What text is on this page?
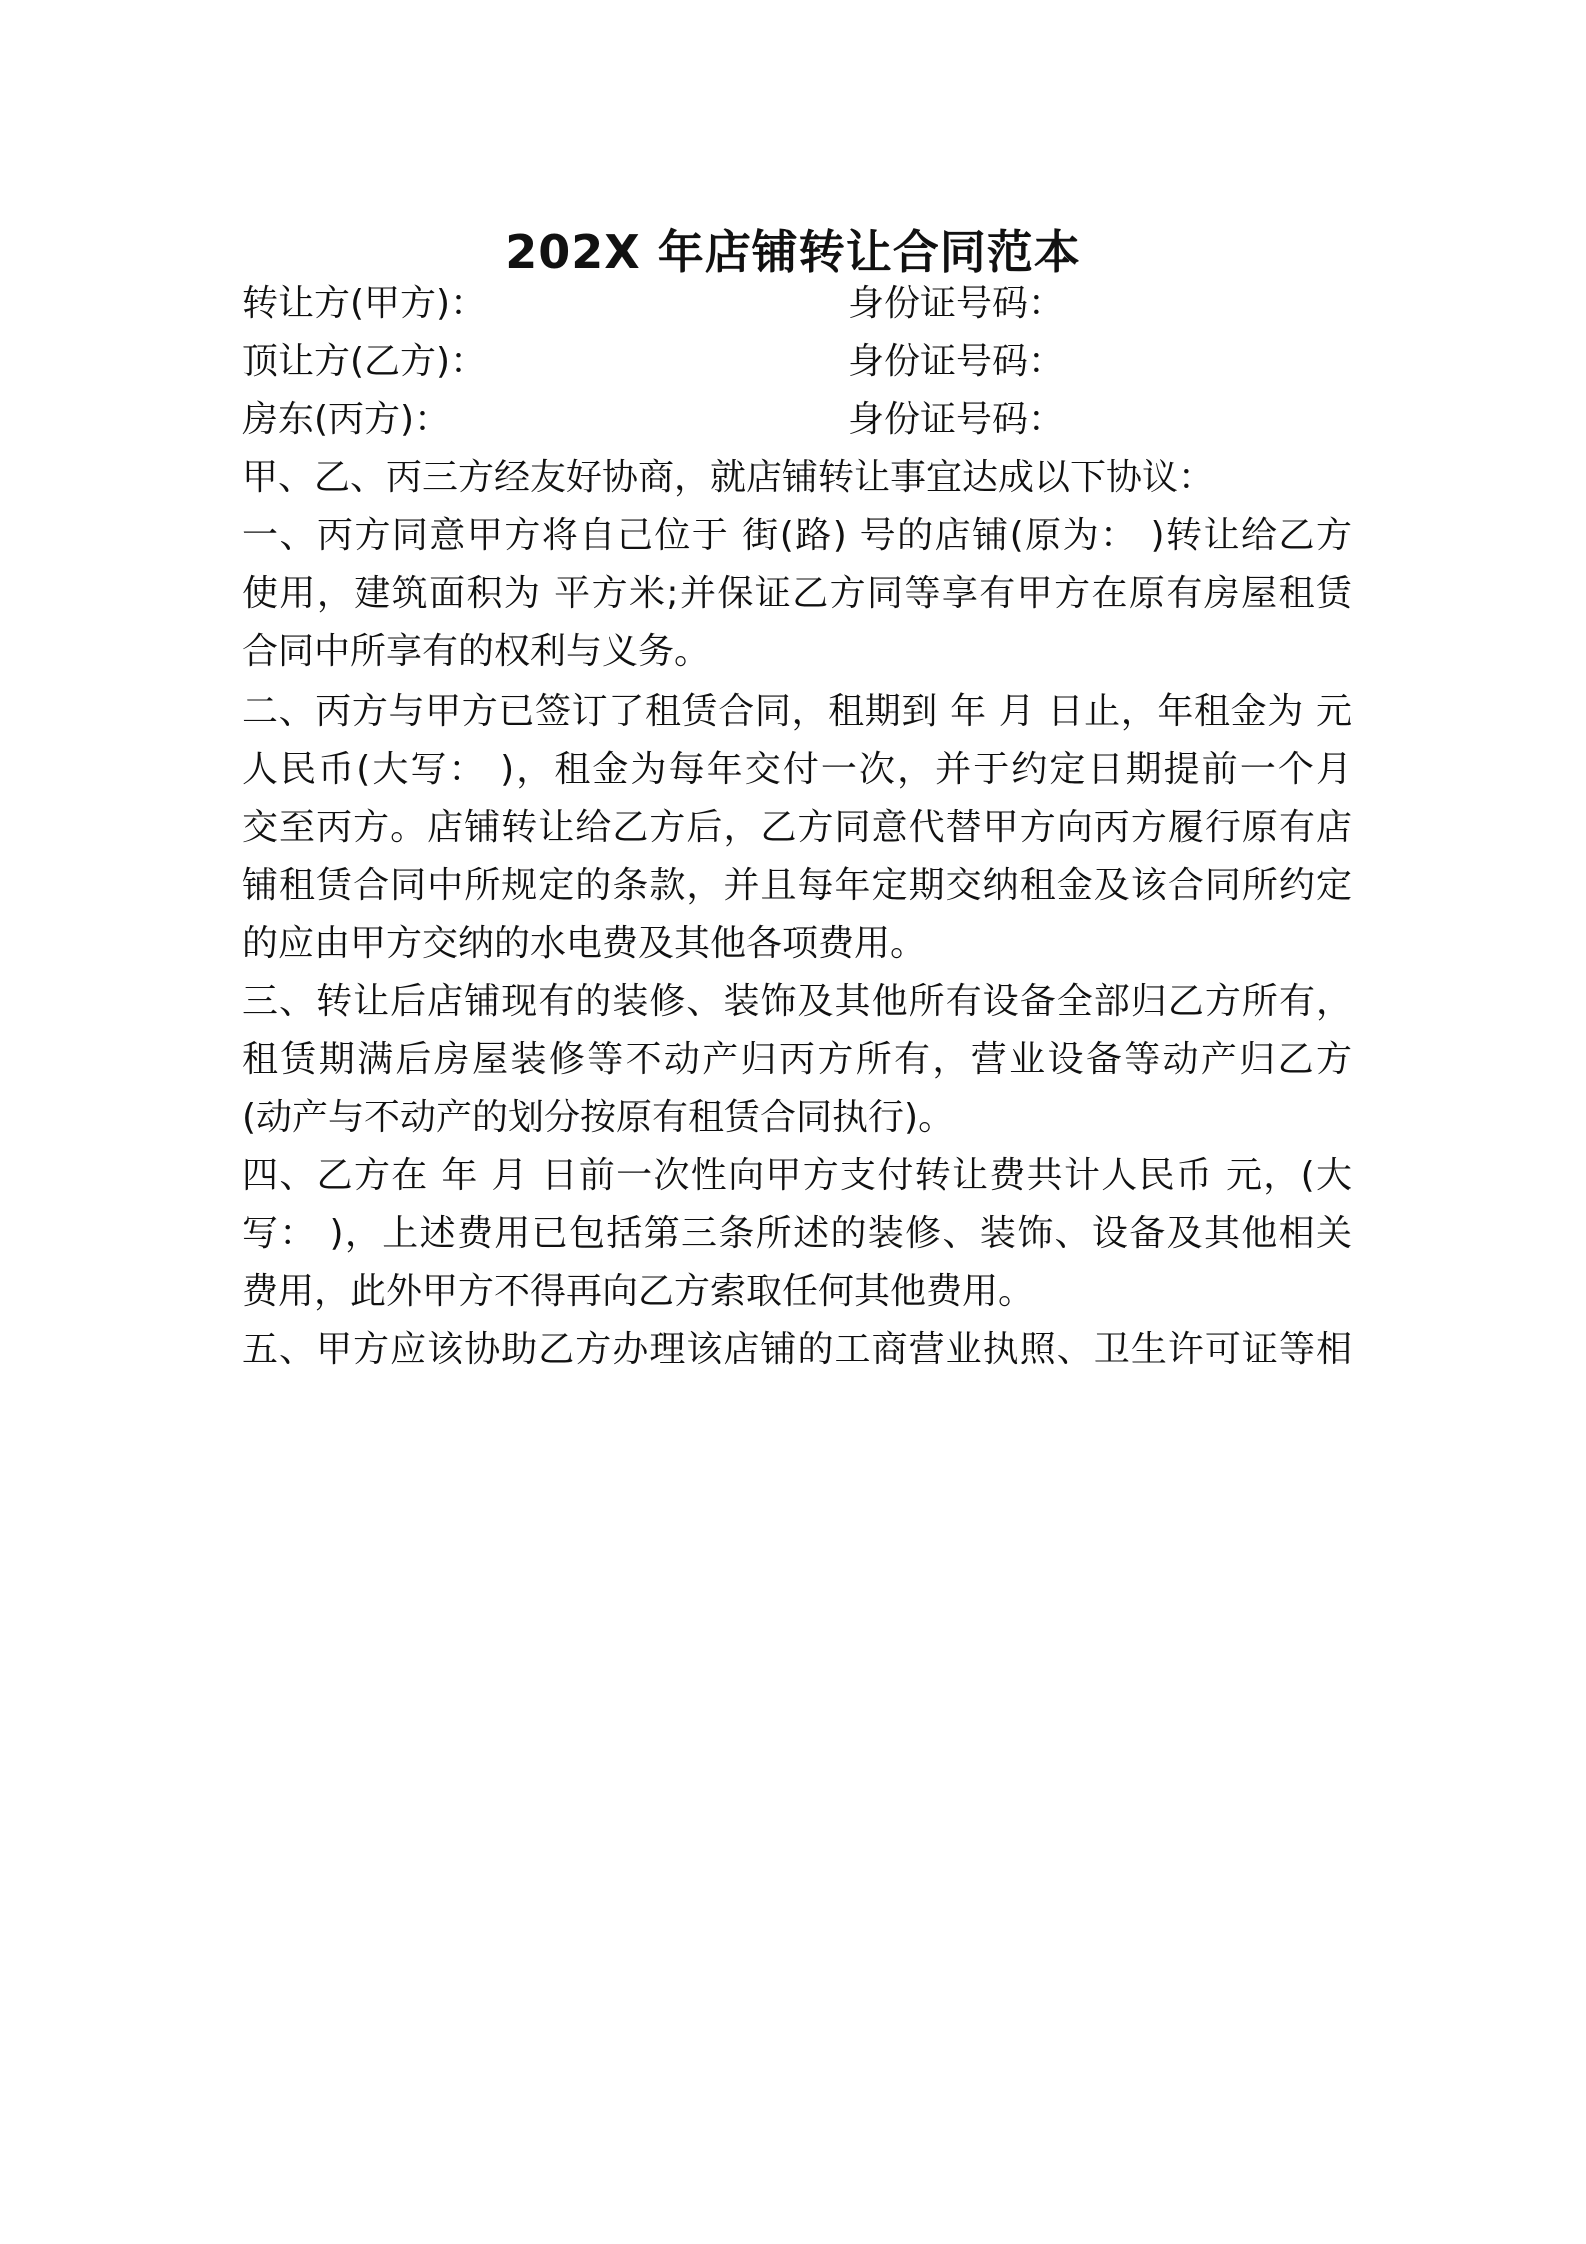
202X 年店铺转让合同范本
转让方(甲方)：	身份证号码：
顶让方(乙方)：	身份证号码：
房东(丙方)：	身份证号码：
甲、乙、丙三方经友好协商，就店铺转让事宜达成以下协议：
一、丙方同意甲方将自己位于 街(路) 号的店铺(原为： )转让给乙方
使用，建筑面积为 平方米;并保证乙方同等享有甲方在原有房屋租赁
合同中所享有的权利与义务。
二、丙方与甲方已签订了租赁合同，租期到 年 月 日止，年租金为 元
人民币(大写： )，租金为每年交付一次，并于约定日期提前一个月
交至丙方。店铺转让给乙方后，乙方同意代替甲方向丙方履行原有店
铺租赁合同中所规定的条款，并且每年定期交纳租金及该合同所约定
的应由甲方交纳的水电费及其他各项费用。
三、转让后店铺现有的装修、装饰及其他所有设备全部归乙方所有，
租赁期满后房屋装修等不动产归丙方所有，营业设备等动产归乙方
(动产与不动产的划分按原有租赁合同执行)。
四、乙方在 年 月 日前一次性向甲方支付转让费共计人民币 元，(大
写： )，上述费用已包括第三条所述的装修、装饰、设备及其他相关
费用，此外甲方不得再向乙方索取任何其他费用。
五、甲方应该协助乙方办理该店铺的工商营业执照、卫生许可证等相
